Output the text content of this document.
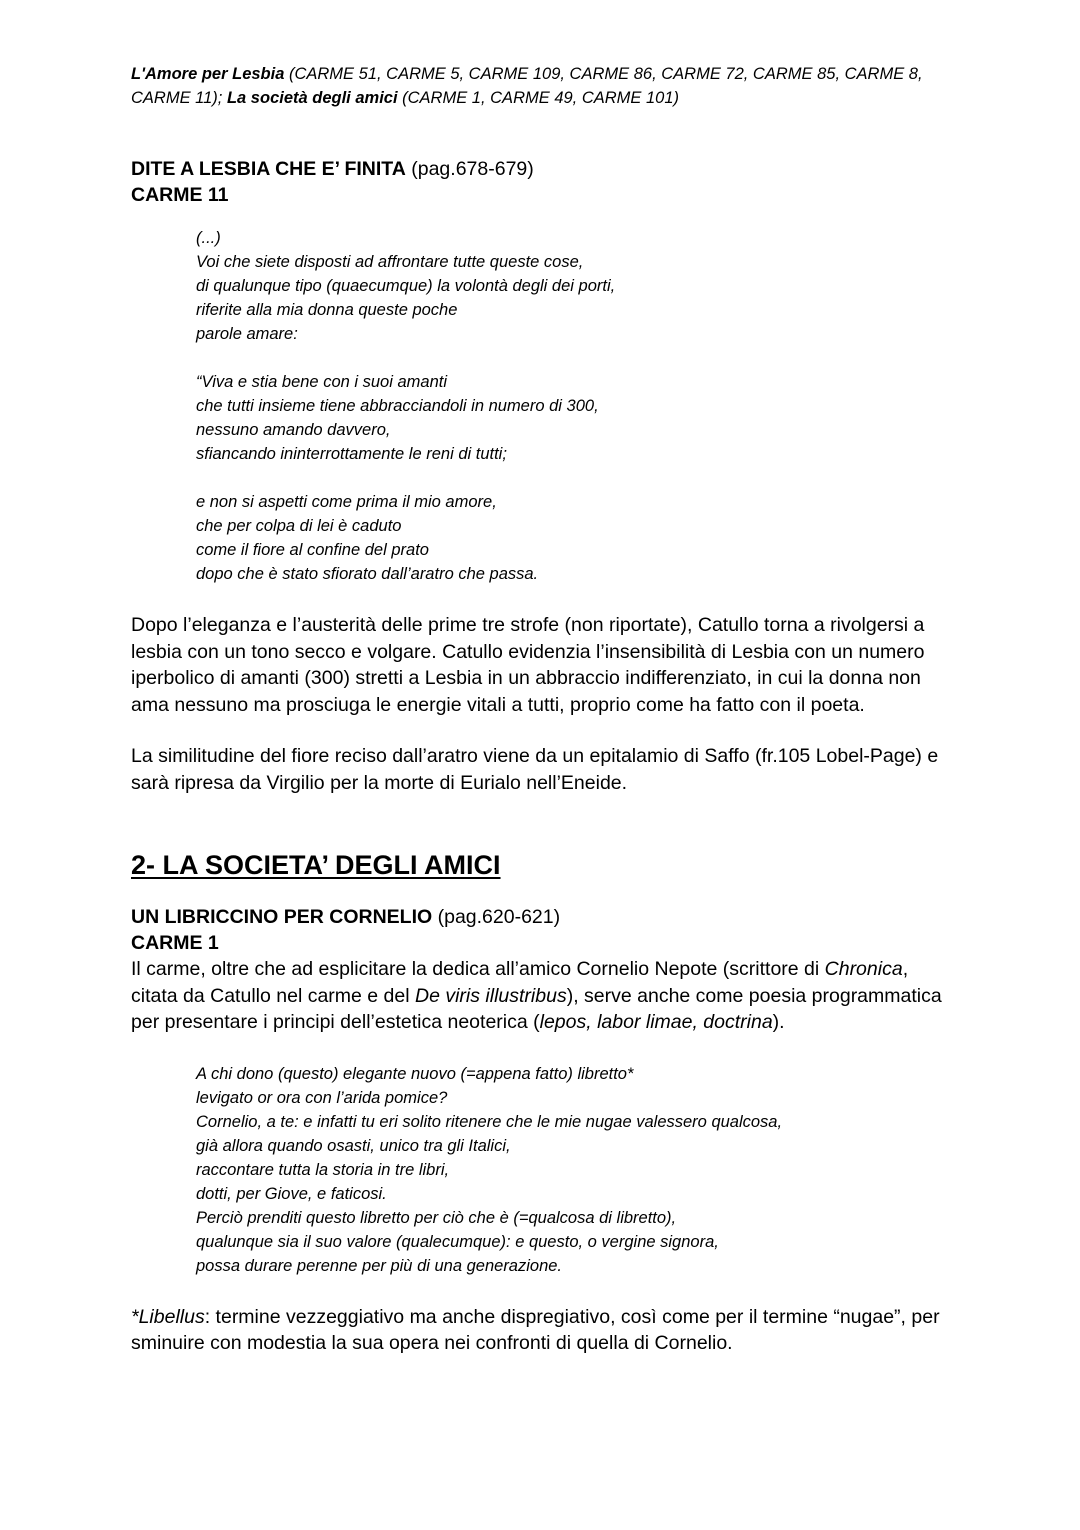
L'Amore per Lesbia (CARME 51, CARME 5, CARME 109, CARME 86, CARME 72, CARME 85, CARME 8,
CARME 11); La società degli amici (CARME 1, CARME 49, CARME 101)

DITE A LESBIA CHE E’ FINITA (pag.678-679)

CARME 11

(...)
Voi che siete disposti ad affrontare tutte queste cose,
di qualunque tipo (quaecumque) la volontà degli dei porti,
riferite alla mia donna queste poche
parole amare:
“Viva e stia bene con i suoi amanti
che tutti insieme tiene abbracciandoli in numero di 300,
nessuno amando davvero,
sfiancando ininterrottamente le reni di tutti;
e non si aspetti come prima il mio amore,
che per colpa di lei è caduto
come il fiore al confine del prato
dopo che è stato sfiorato dall’aratro che passa.

Dopo l’eleganza e l’austerità delle prime tre strofe (non riportate), Catullo torna a rivolgersi a lesbia con un tono secco e volgare. Catullo evidenzia l’insensibilità di Lesbia con un numero iperbolico di amanti (300) stretti a Lesbia in un abbraccio indifferenziato, in cui la donna non ama nessuno ma prosciuga le energie vitali a tutti, proprio come ha fatto con il poeta.

La similitudine del fiore reciso dall’aratro viene da un epitalamio di Saffo (fr.105 Lobel-Page) e sarà ripresa da Virgilio per la morte di Eurialo nell’Eneide.

2- LA SOCIETA’ DEGLI AMICI

UN LIBRICCINO PER CORNELIO (pag.620-621)

CARME 1

Il carme, oltre che ad esplicitare la dedica all’amico Cornelio Nepote (scrittore di Chronica, citata da Catullo nel carme e del De viris illustribus), serve anche come poesia programmatica per presentare i principi dell’estetica neoterica (lepos, labor limae, doctrina).

A chi dono (questo) elegante nuovo (=appena fatto) libretto*
levigato or ora con l’arida pomice?
Cornelio, a te: e infatti tu eri solito ritenere che le mie nugae valessero qualcosa,
già allora quando osasti, unico tra gli Italici,
raccontare tutta la storia in tre libri,
dotti, per Giove, e faticosi.
Perciò prenditi questo libretto per ciò che è (=qualcosa di libretto),
qualunque sia il suo valore (qualecumque): e questo, o vergine signora,
possa durare perenne per più di una generazione.

*Libellus: termine vezzeggiativo ma anche dispregiativo, così come per il termine “nugae”, per sminuire con modestia la sua opera nei confronti di quella di Cornelio.
